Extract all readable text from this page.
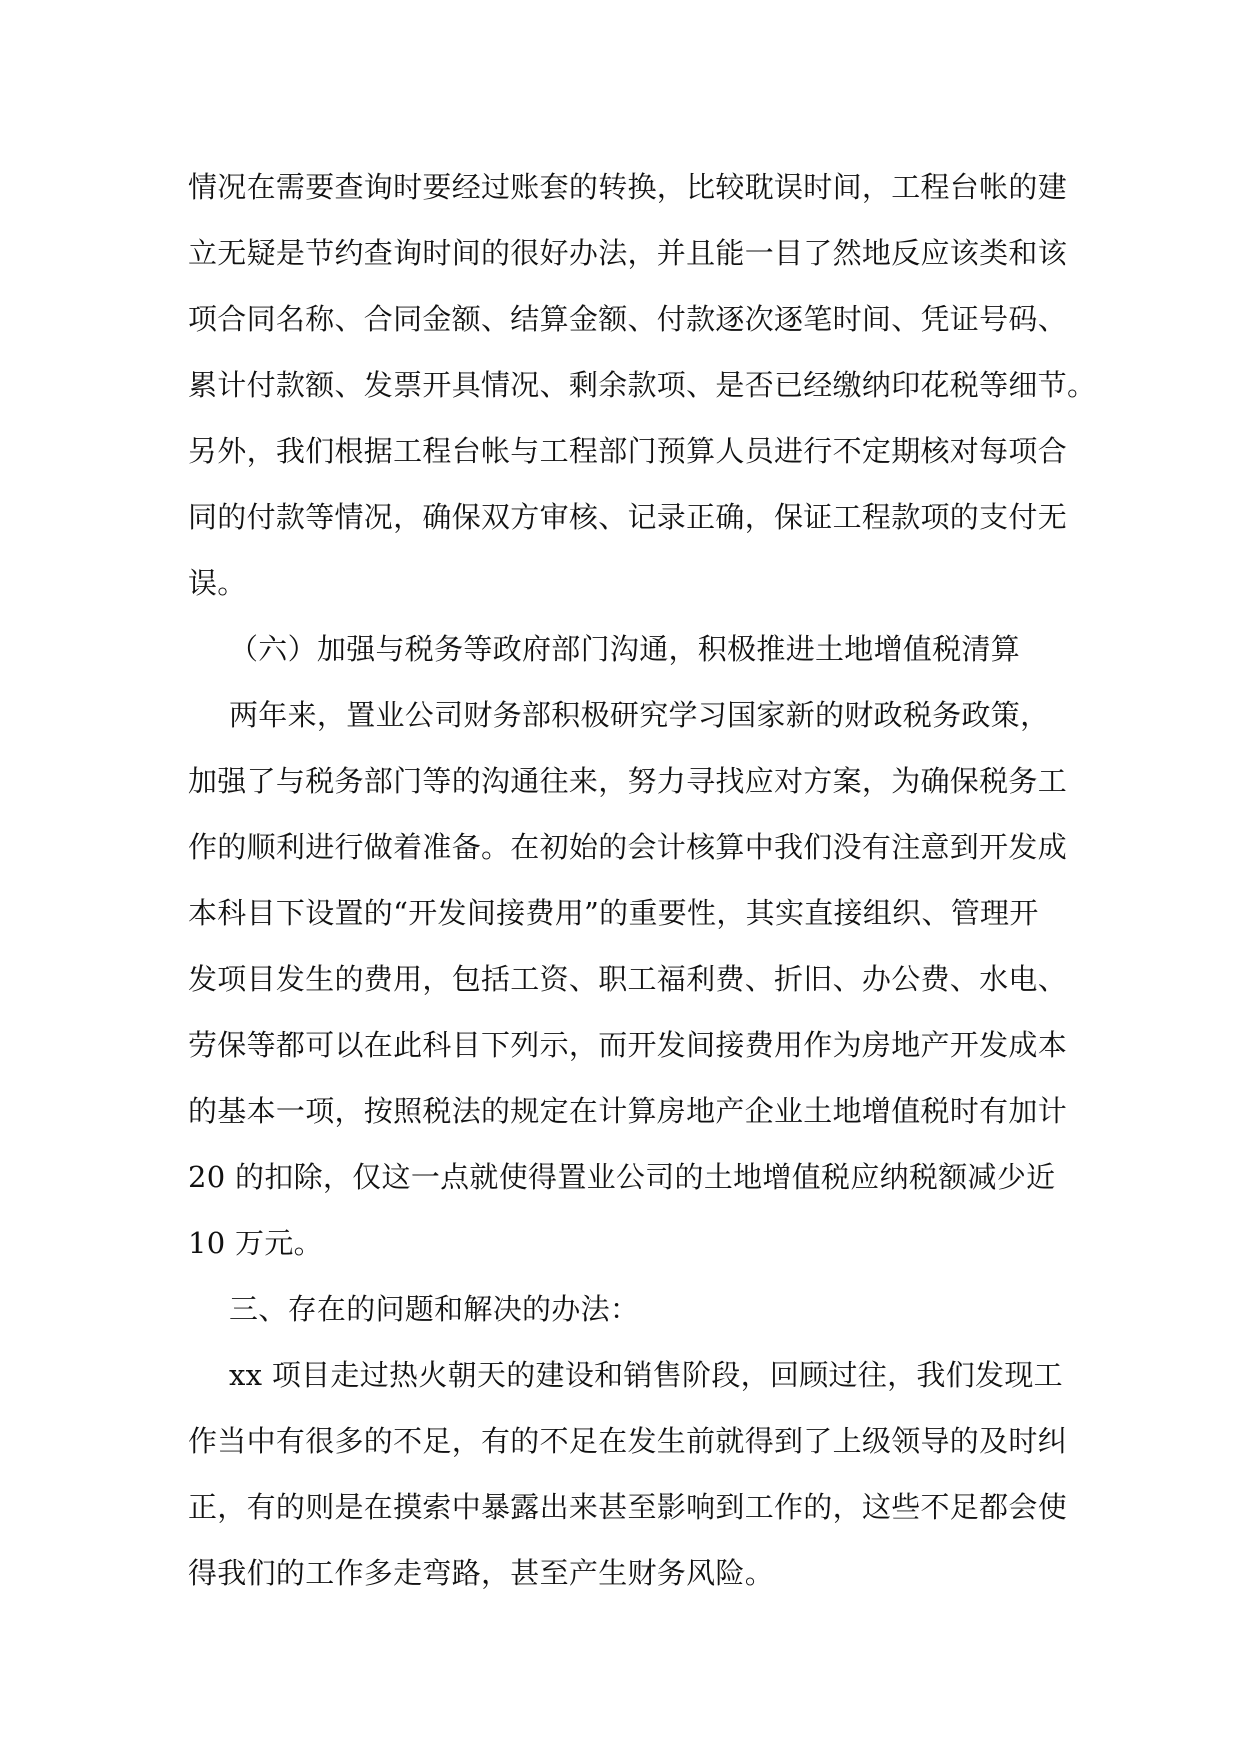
情况在需要查询时要经过账套的转换，比较耽误时间，工程台帐的建
立无疑是节约查询时间的很好办法，并且能一目了然地反应该类和该
项合同名称、合同金额、结算金额、付款逐次逐笔时间、凭证号码、
累计付款额、发票开具情况、剩余款项、是否已经缴纳印花税等细节。
另外，我们根据工程台帐与工程部门预算人员进行不定期核对每项合
同的付款等情况，确保双方审核、记录正确，保证工程款项的支付无
误。
（六）加强与税务等政府部门沟通，积极推进土地增值税清算
两年来，置业公司财务部积极研究学习国家新的财政税务政策，
加强了与税务部门等的沟通往来，努力寻找应对方案，为确保税务工
作的顺利进行做着准备。在初始的会计核算中我们没有注意到开发成
本科目下设置的“开发间接费用”的重要性，其实直接组织、管理开
发项目发生的费用，包括工资、职工福利费、折旧、办公费、水电、
劳保等都可以在此科目下列示，而开发间接费用作为房地产开发成本
的基本一项，按照税法的规定在计算房地产企业土地增值税时有加计
20 的扣除，仅这一点就使得置业公司的土地增值税应纳税额减少近
10 万元。
三、存在的问题和解决的办法：
xx 项目走过热火朝天的建设和销售阶段，回顾过往，我们发现工
作当中有很多的不足，有的不足在发生前就得到了上级领导的及时纠
正，有的则是在摸索中暴露出来甚至影响到工作的，这些不足都会使
得我们的工作多走弯路，甚至产生财务风险。
